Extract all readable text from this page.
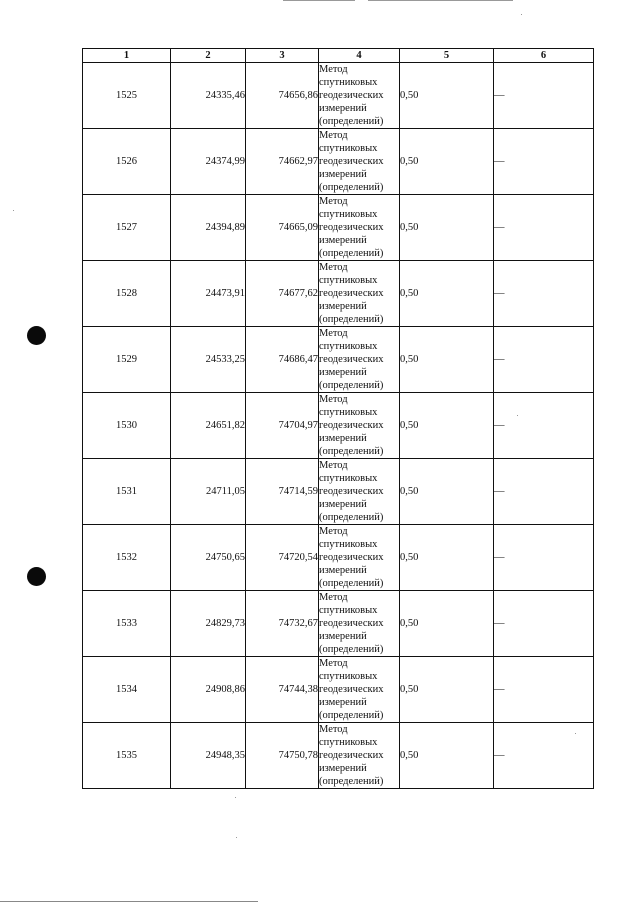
1	2	3	4	5	6
1525	24335,46	74656,86	Метод
спутниковых
геодезических
измерений
(определений)	0,50	—
1526	24374,99	74662,97	Метод
спутниковых
геодезических
измерений
(определений)	0,50	—
1527	24394,89	74665,09	Метод
спутниковых
геодезических
измерений
(определений)	0,50	—
1528	24473,91	74677,62	Метод
спутниковых
геодезических
измерений
(определений)	0,50	—
1529	24533,25	74686,47	Метод
спутниковых
геодезических
измерений
(определений)	0,50	—
1530	24651,82	74704,97	Метод
спутниковых
геодезических
измерений
(определений)	0,50	—
1531	24711,05	74714,59	Метод
спутниковых
геодезических
измерений
(определений)	0,50	—
1532	24750,65	74720,54	Метод
спутниковых
геодезических
измерений
(определений)	0,50	—
1533	24829,73	74732,67	Метод
спутниковых
геодезических
измерений
(определений)	0,50	—
1534	24908,86	74744,38	Метод
спутниковых
геодезических
измерений
(определений)	0,50	—
1535	24948,35	74750,78	Метод
спутниковых
геодезических
измерений
(определений)	0,50	—
